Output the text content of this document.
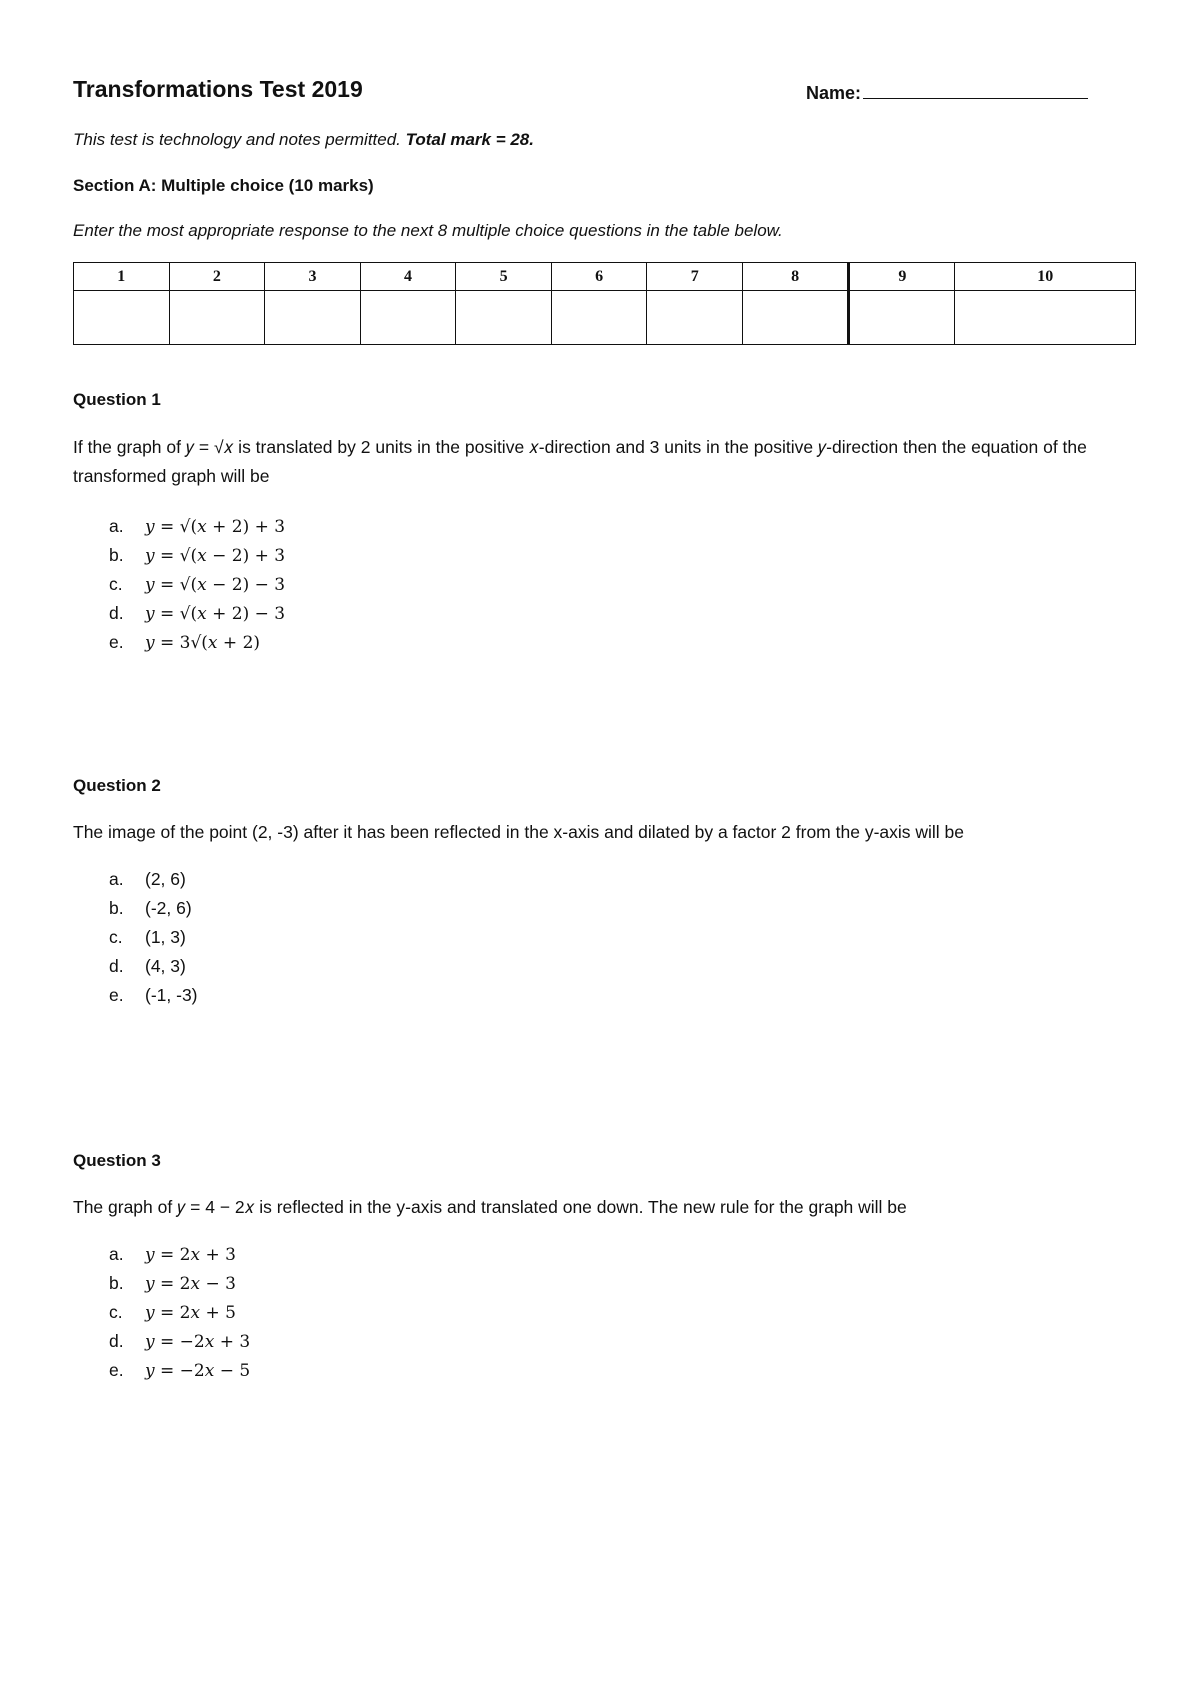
Transformations Test 2019	Name:
This test is technology and notes permitted. Total mark = 28.
Section A: Multiple choice (10 marks)
Enter the most appropriate response to the next 8 multiple choice questions in the table below.
1	2	3	4	5	6	7	8	9	10

Question 1
If the graph of 𝑦 = √𝑥 is translated by 2 units in the positive 𝑥-direction and 3 units in the positive 𝑦-direction then the equation of the transformed graph will be
a. 𝑦 = √(𝑥 + 2) + 3
b. 𝑦 = √(𝑥 − 2) + 3
c. 𝑦 = √(𝑥 − 2) − 3
d. 𝑦 = √(𝑥 + 2) − 3
e. 𝑦 = 3√(𝑥 + 2)
Question 2
The image of the point (2, -3) after it has been reflected in the x-axis and dilated by a factor 2 from the y-axis will be
a. (2, 6)
b. (-2, 6)
c. (1, 3)
d. (4, 3)
e. (-1, -3)
Question 3
The graph of 𝑦 = 4 − 2𝑥 is reflected in the y-axis and translated one down. The new rule for the graph will be
a. 𝑦 = 2𝑥 + 3
b. 𝑦 = 2𝑥 − 3
c. 𝑦 = 2𝑥 + 5
d. 𝑦 = −2𝑥 + 3
e. 𝑦 = −2𝑥 − 5
